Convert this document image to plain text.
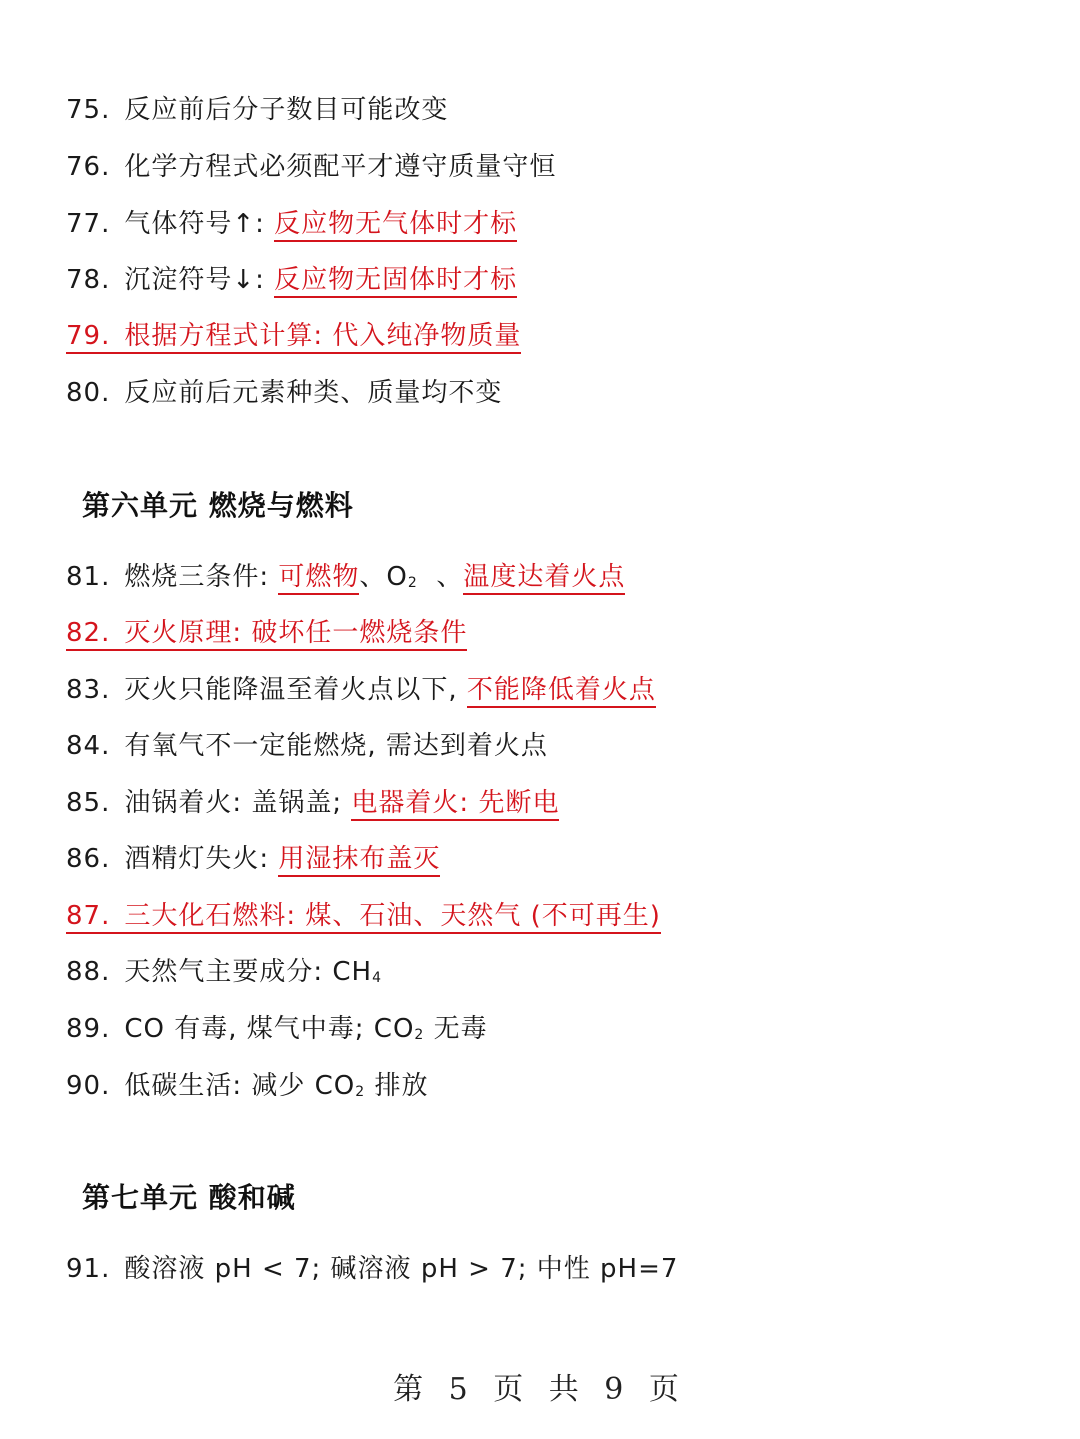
75. 反应前后分子数目可能改变
76. 化学方程式必须配平才遵守质量守恒
77. 气体符号↑: 反应物无气体时才标
78. 沉淀符号↓: 反应物无固体时才标
79. 根据方程式计算: 代入纯净物质量
80. 反应前后元素种类、质量均不变
第六单元 燃烧与燃料
81. 燃烧三条件: 可燃物、$O_2$ 、温度达着火点
82. 灭火原理: 破坏任一燃烧条件
83. 灭火只能降温至着火点以下, 不能降低着火点
84. 有氧气不一定能燃烧, 需达到着火点
85. 油锅着火: 盖锅盖; 电器着火: 先断电
86. 酒精灯失火: 用湿抹布盖灭
87. 三大化石燃料: 煤、石油、天然气 (不可再生)
88. 天然气主要成分: $CH_4$
89. CO 有毒, 煤气中毒; $CO_2$ 无毒
90. 低碳生活: 减少 $CO_2$ 排放
第七单元 酸和碱
91. 酸溶液 pH < 7; 碱溶液 pH > 7; 中性 pH=7
第 5 页 共 9 页
